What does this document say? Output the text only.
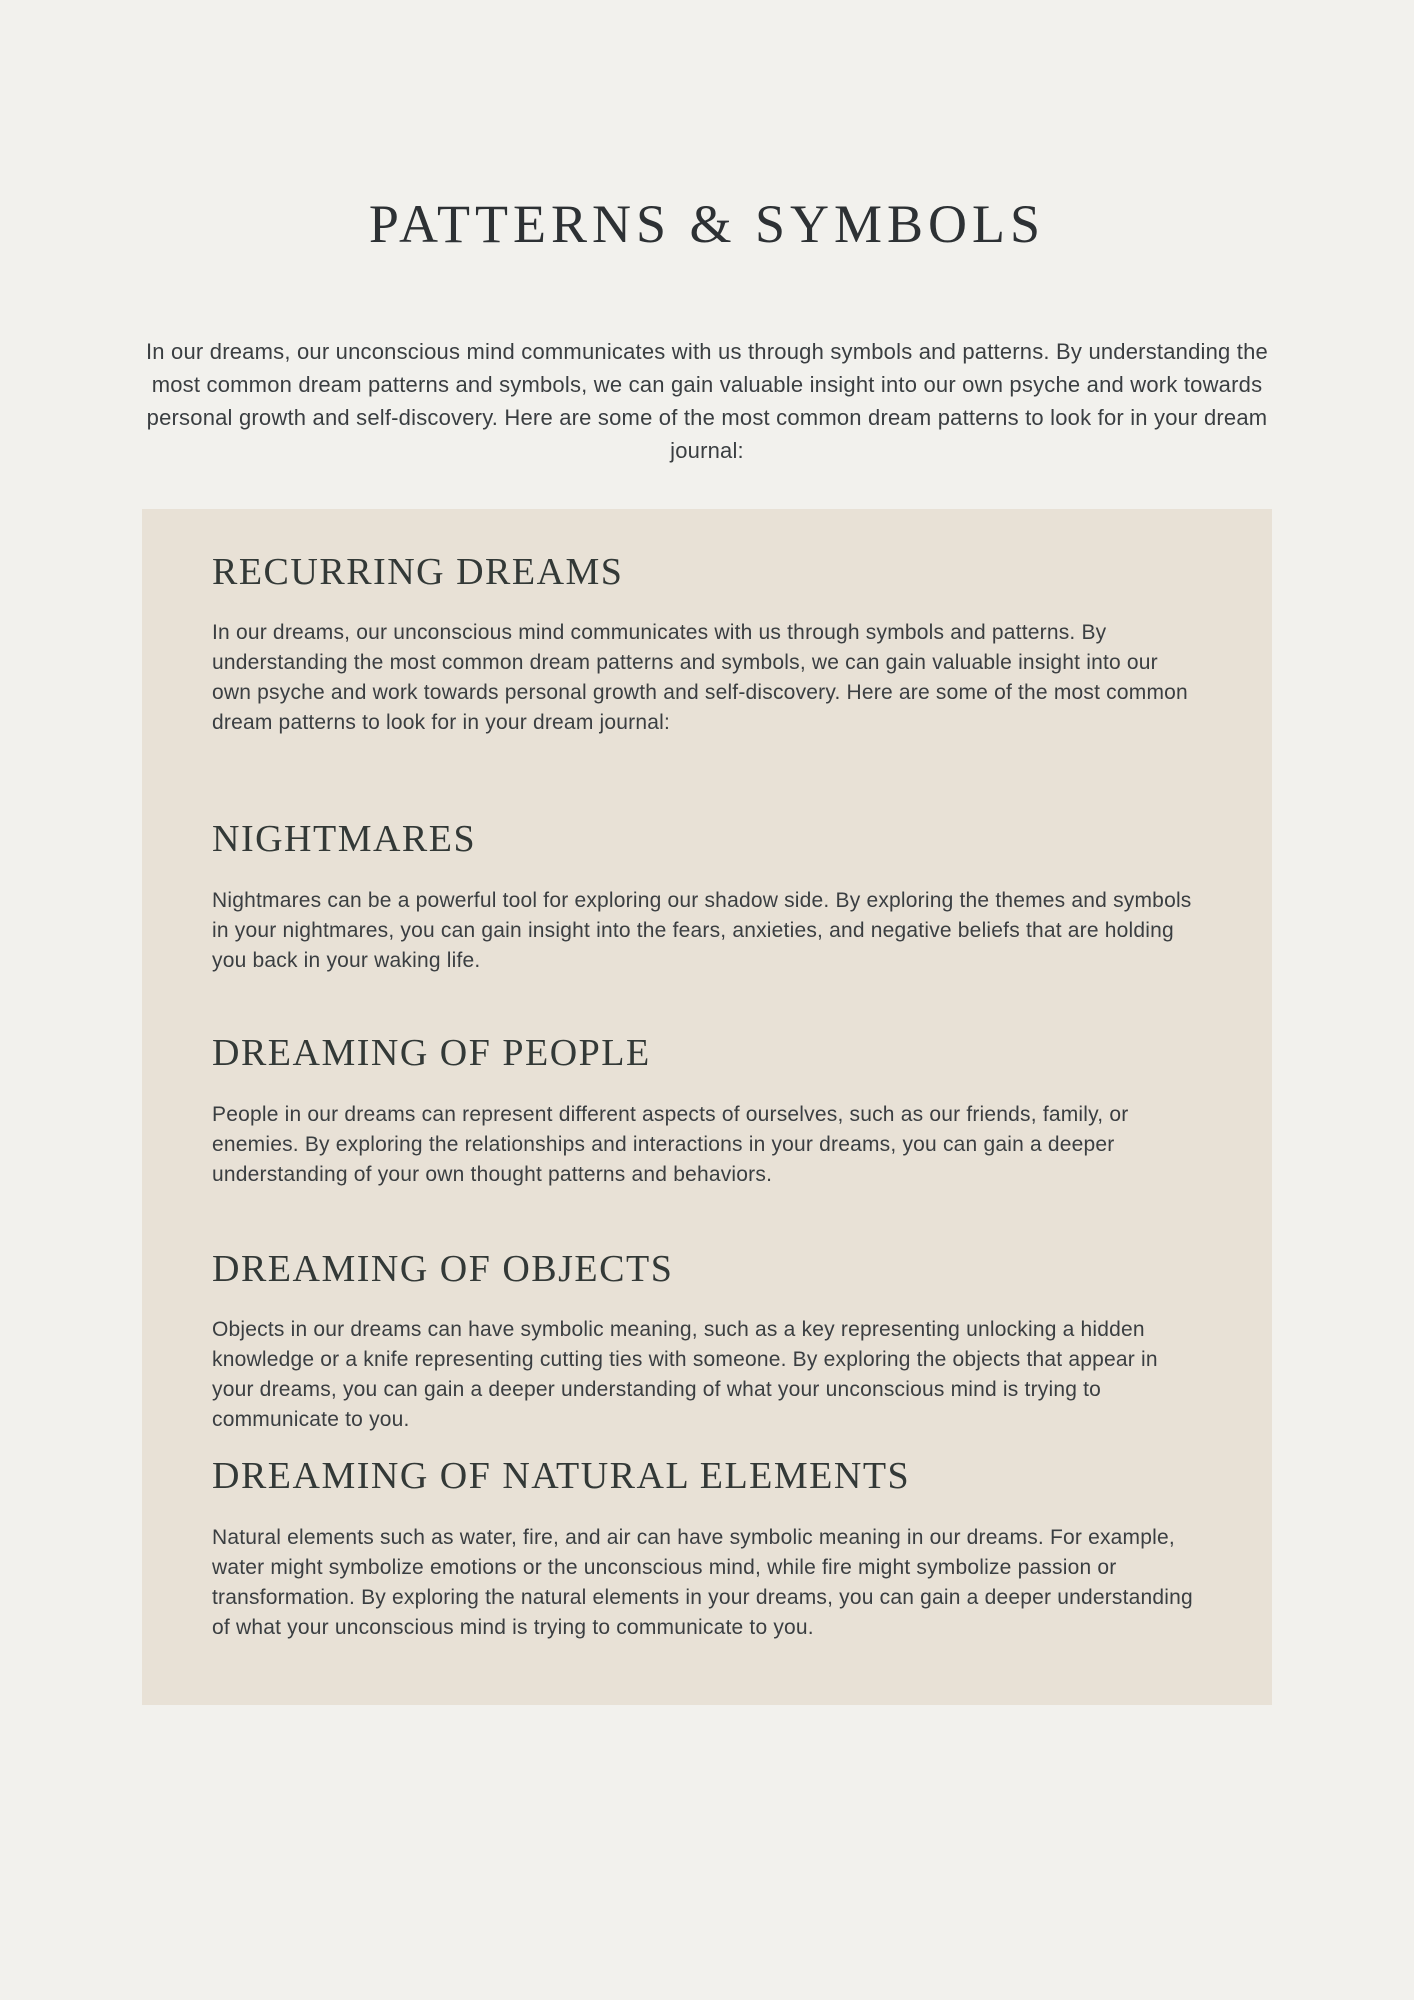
PATTERNS & SYMBOLS

In our dreams, our unconscious mind communicates with us through symbols and patterns. By understanding the most common dream patterns and symbols, we can gain valuable insight into our own psyche and work towards personal growth and self-discovery. Here are some of the most common dream patterns to look for in your dream journal:

RECURRING DREAMS

In our dreams, our unconscious mind communicates with us through symbols and patterns. By understanding the most common dream patterns and symbols, we can gain valuable insight into our own psyche and work towards personal growth and self-discovery. Here are some of the most common dream patterns to look for in your dream journal:

NIGHTMARES

Nightmares can be a powerful tool for exploring our shadow side. By exploring the themes and symbols in your nightmares, you can gain insight into the fears, anxieties, and negative beliefs that are holding you back in your waking life.

DREAMING OF PEOPLE

People in our dreams can represent different aspects of ourselves, such as our friends, family, or enemies. By exploring the relationships and interactions in your dreams, you can gain a deeper understanding of your own thought patterns and behaviors.

DREAMING OF OBJECTS

Objects in our dreams can have symbolic meaning, such as a key representing unlocking a hidden knowledge or a knife representing cutting ties with someone. By exploring the objects that appear in your dreams, you can gain a deeper understanding of what your unconscious mind is trying to communicate to you.

DREAMING OF NATURAL ELEMENTS

Natural elements such as water, fire, and air can have symbolic meaning in our dreams. For example, water might symbolize emotions or the unconscious mind, while fire might symbolize passion or transformation. By exploring the natural elements in your dreams, you can gain a deeper understanding of what your unconscious mind is trying to communicate to you.
